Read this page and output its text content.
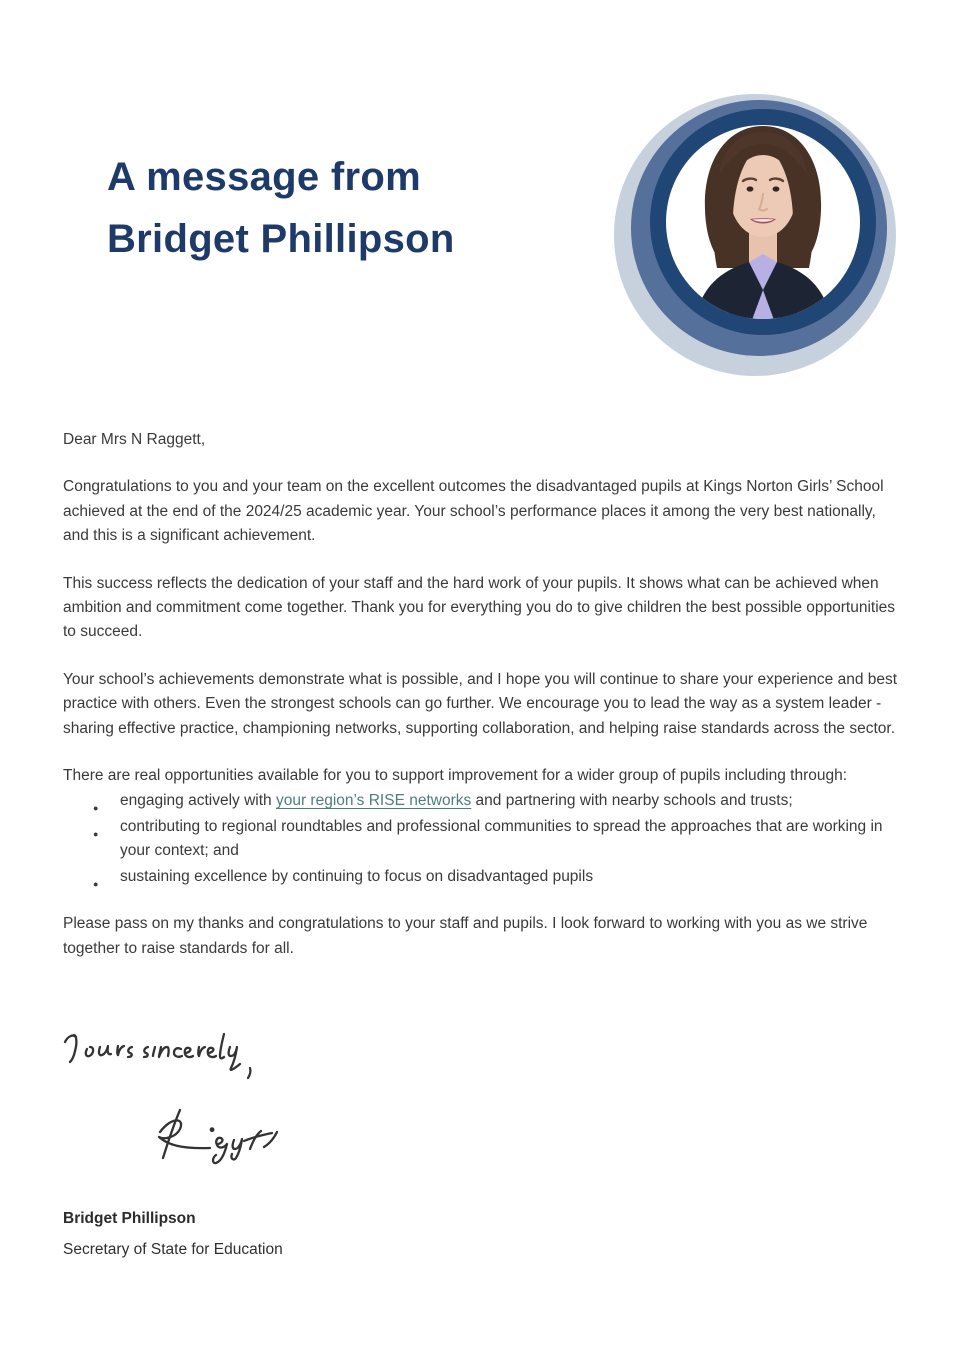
A message from
Bridget Phillipson

Dear Mrs N Raggett,

Congratulations to you and your team on the excellent outcomes the disadvantaged pupils at Kings Norton Girls’ School achieved at the end of the 2024/25 academic year. Your school’s performance places it among the very best nationally, and this is a significant achievement.

This success reflects the dedication of your staff and the hard work of your pupils. It shows what can be achieved when ambition and commitment come together. Thank you for everything you do to give children the best possible opportunities to succeed.

Your school’s achievements demonstrate what is possible, and I hope you will continue to share your experience and best practice with others. Even the strongest schools can go further. We encourage you to lead the way as a system leader - sharing effective practice, championing networks, supporting collaboration, and helping raise standards across the sector.

There are real opportunities available for you to support improvement for a wider group of pupils including through:

● engaging actively with your region’s RISE networks and partnering with nearby schools and trusts;
● contributing to regional roundtables and professional communities to spread the approaches that are working in your context; and
● sustaining excellence by continuing to focus on disadvantaged pupils

Please pass on my thanks and congratulations to your staff and pupils. I look forward to working with you as we strive together to raise standards for all.

Bridget Phillipson
Secretary of State for Education
